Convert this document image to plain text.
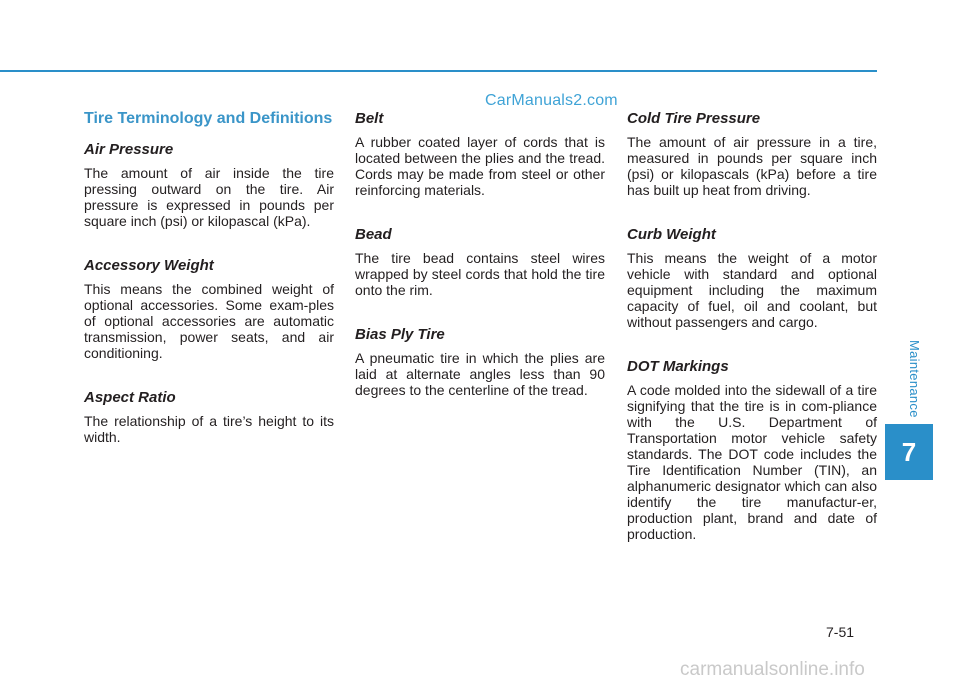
CarManuals2.com
Tire Terminology and Definitions
Air Pressure
The amount of air inside the tire pressing outward on the tire. Air pressure is expressed in pounds per square inch (psi) or kilopascal (kPa).
Accessory Weight
This means the combined weight of optional accessories. Some exam-ples of optional accessories are automatic transmission, power seats, and air conditioning.
Aspect Ratio
The relationship of a tire’s height to its width.
Belt
A rubber coated layer of cords that is located between the plies and the tread. Cords may be made from steel or other reinforcing materials.
Bead
The tire bead contains steel wires wrapped by steel cords that hold the tire onto the rim.
Bias Ply Tire
A pneumatic tire in which the plies are laid at alternate angles less than 90 degrees to the centerline of the tread.
Cold Tire Pressure
The amount of air pressure in a tire, measured in pounds per square inch (psi) or kilopascals (kPa) before a tire has built up heat from driving.
Curb Weight
This means the weight of a motor vehicle with standard and optional equipment including the maximum capacity of fuel, oil and coolant, but without passengers and cargo.
DOT Markings
A code molded into the sidewall of a tire signifying that the tire is in com-pliance with the U.S. Department of Transportation motor vehicle safety standards. The DOT code includes the Tire Identification Number (TIN), an alphanumeric designator which can also identify the tire manufactur-er, production plant, brand and date of production.
Maintenance
7
7-51
carmanualsonline.info
